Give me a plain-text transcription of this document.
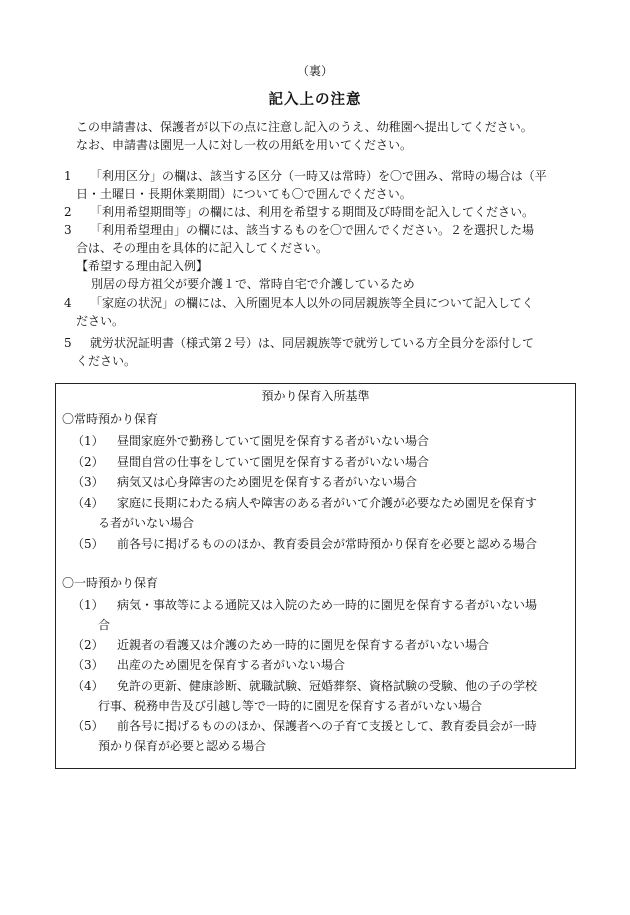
（裏）
記入上の注意
この申請書は、保護者が以下の点に注意し記入のうえ、幼稚園へ提出してください。
なお、申請書は園児一人に対し一枚の用紙を用いてください。
1 「利用区分」の欄は、該当する区分（一時又は常時）を〇で囲み、常時の場合は（平
日・土曜日・長期休業期間）についても〇で囲んでください。
2 「利用希望期間等」の欄には、利用を希望する期間及び時間を記入してください。
3 「利用希望理由」の欄には、該当するものを〇で囲んでください。２を選択した場
合は、その理由を具体的に記入してください。
【希望する理由記入例】
別居の母方祖父が要介護１で、常時自宅で介護しているため
4 「家庭の状況」の欄には、入所園児本人以外の同居親族等全員について記入してく
ださい。
5 就労状況証明書（様式第２号）は、同居親族等で就労している方全員分を添付して
ください。
預かり保育入所基準
〇常時預かり保育
（1） 昼間家庭外で勤務していて園児を保育する者がいない場合
（2） 昼間自営の仕事をしていて園児を保育する者がいない場合
（3） 病気又は心身障害のため園児を保育する者がいない場合
（4） 家庭に長期にわたる病人や障害のある者がいて介護が必要なため園児を保育す
る者がいない場合
（5） 前各号に掲げるもののほか、教育委員会が常時預かり保育を必要と認める場合
〇一時預かり保育
（1） 病気・事故等による通院又は入院のため一時的に園児を保育する者がいない場
合
（2） 近親者の看護又は介護のため一時的に園児を保育する者がいない場合
（3） 出産のため園児を保育する者がいない場合
（4） 免許の更新、健康診断、就職試験、冠婚葬祭、資格試験の受験、他の子の学校
行事、税務申告及び引越し等で一時的に園児を保育する者がいない場合
（5） 前各号に掲げるもののほか、保護者への子育て支援として、教育委員会が一時
預かり保育が必要と認める場合
